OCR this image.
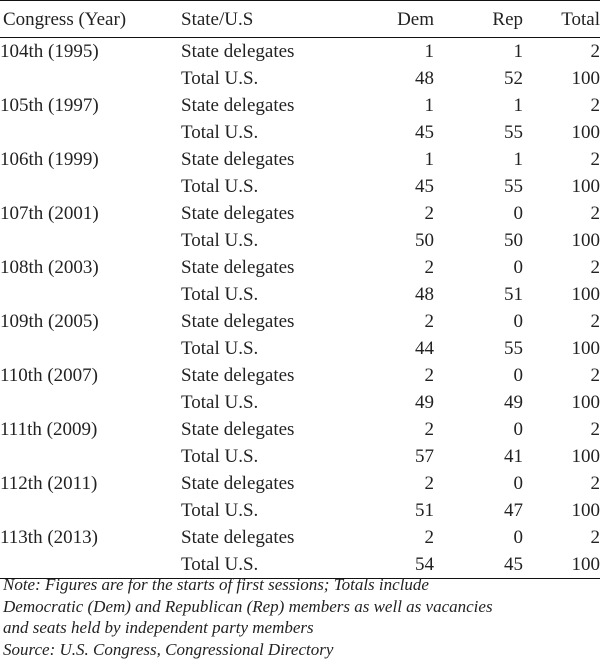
Congress (Year)	State/U.S	Dem	Rep	Total
104th (1995)	State delegates	1	1	2
	Total U.S.	48	52	100
105th (1997)	State delegates	1	1	2
	Total U.S.	45	55	100
106th (1999)	State delegates	1	1	2
	Total U.S.	45	55	100
107th (2001)	State delegates	2	0	2
	Total U.S.	50	50	100
108th (2003)	State delegates	2	0	2
	Total U.S.	48	51	100
109th (2005)	State delegates	2	0	2
	Total U.S.	44	55	100
110th (2007)	State delegates	2	0	2
	Total U.S.	49	49	100
111th (2009)	State delegates	2	0	2
	Total U.S.	57	41	100
112th (2011)	State delegates	2	0	2
	Total U.S.	51	47	100
113th (2013)	State delegates	2	0	2
	Total U.S.	54	45	100
Note: Figures are for the starts of first sessions; Totals include
Democratic (Dem) and Republican (Rep) members as well as vacancies
and seats held by independent party members
Source: U.S. Congress, Congressional Directory
